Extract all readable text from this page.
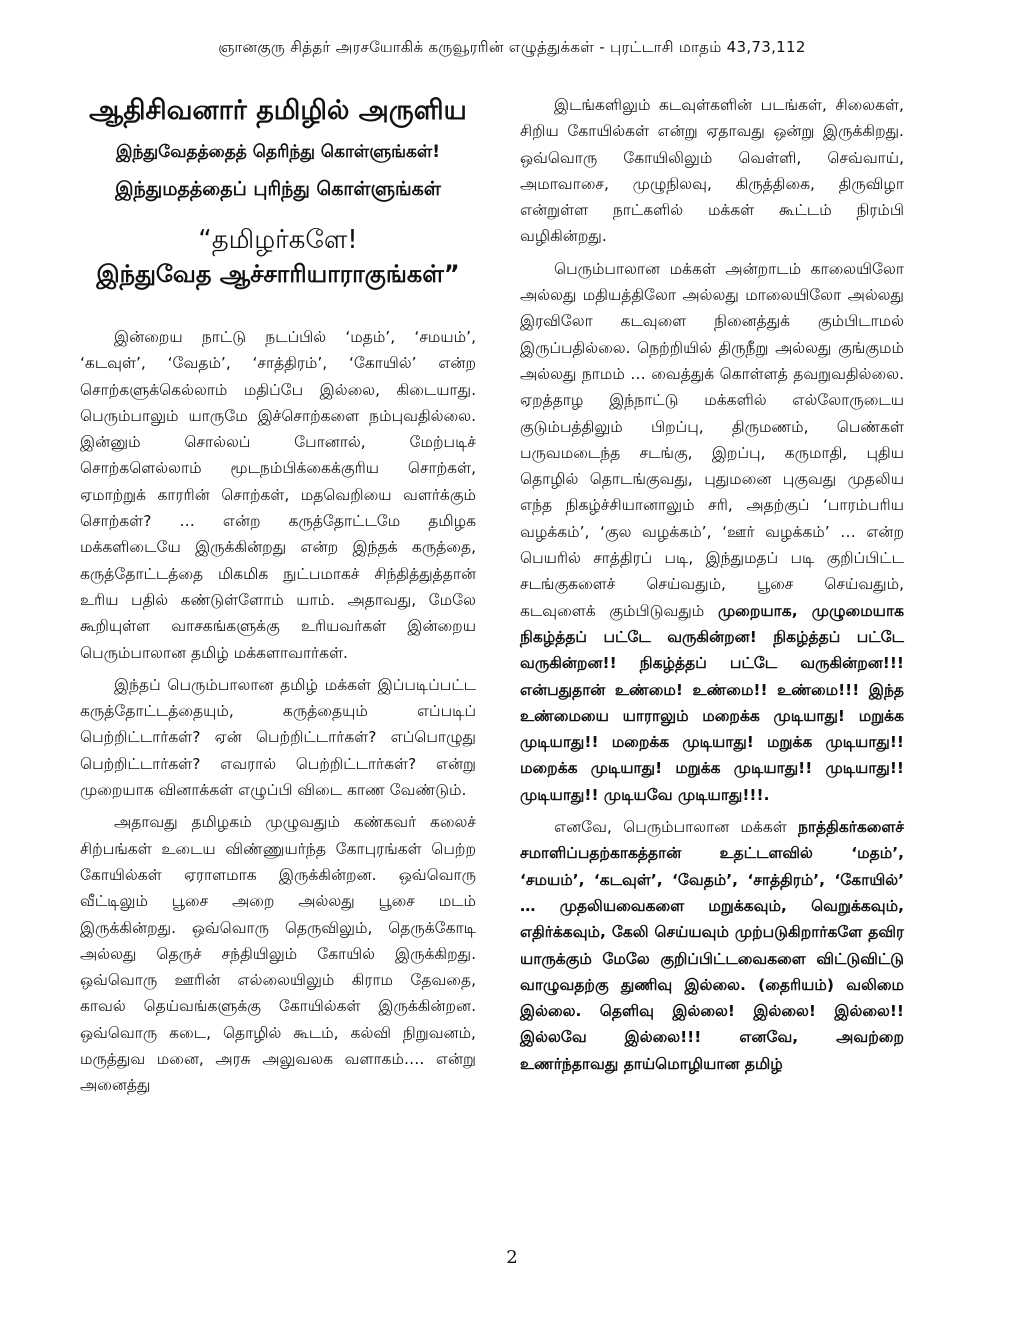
ஞானகுரு சித்தர் அரசயோகிக் கருவூரரின் எழுத்துக்கள் - புரட்டாசி மாதம் 43,73,112
ஆதிசிவனார் தமிழில் அருளிய
இந்துவேதத்தைத் தெரிந்து கொள்ளுங்கள்!
இந்துமதத்தைப் புரிந்து கொள்ளுங்கள்
“தமிழர்களே!
இந்துவேத ஆச்சாரியாராகுங்கள்”

இன்றைய நாட்டு நடப்பில் ‘மதம்’, ‘சமயம்’, ‘கடவுள்’, ‘வேதம்’, ‘சாத்திரம்’, ‘கோயில்’ என்ற சொற்களுக்கெல்லாம் மதிப்பே இல்லை, கிடையாது. பெரும்பாலும் யாருமே இச்சொற்களை நம்புவதில்லை. இன்னும் சொல்லப் போனால், மேற்படிச் சொற்களெல்லாம் மூடநம்பிக்கைக்குரிய சொற்கள், ஏமாற்றுக் காரரின் சொற்கள், மதவெறியை வளர்க்கும் சொற்கள்? … என்ற கருத்தோட்டமே தமிழக மக்களிடையே இருக்கின்றது என்ற இந்தக் கருத்தை, கருத்தோட்டத்தை மிகமிக நுட்பமாகச் சிந்தித்துத்தான் உரிய பதில் கண்டுள்ளோம் யாம். அதாவது, மேலே கூறியுள்ள வாசகங்களுக்கு உரியவர்கள் இன்றைய பெரும்பாலான தமிழ் மக்களாவார்கள்.

இந்தப் பெரும்பாலான தமிழ் மக்கள் இப்படிப்பட்ட கருத்தோட்டத்தையும், கருத்தையும் எப்படிப் பெற்றிட்டார்கள்? ஏன் பெற்றிட்டார்கள்? எப்பொழுது பெற்றிட்டார்கள்? எவரால் பெற்றிட்டார்கள்? என்று முறையாக வினாக்கள் எழுப்பி விடை காண வேண்டும்.

அதாவது தமிழகம் முழுவதும் கண்கவர் கலைச் சிற்பங்கள் உடைய விண்ணுயர்ந்த கோபுரங்கள் பெற்ற கோயில்கள் ஏராளமாக இருக்கின்றன. ஒவ்வொரு வீட்டிலும் பூசை அறை அல்லது பூசை மடம் இருக்கின்றது. ஒவ்வொரு தெருவிலும், தெருக்கோடி அல்லது தெருச் சந்தியிலும் கோயில் இருக்கிறது. ஒவ்வொரு ஊரின் எல்லையிலும் கிராம தேவதை, காவல் தெய்வங்களுக்கு கோயில்கள் இருக்கின்றன. ஒவ்வொரு கடை, தொழில் கூடம், கல்வி நிறுவனம், மருத்துவ மனை, அரசு அலுவலக வளாகம்…. என்று அனைத்து

இடங்களிலும் கடவுள்களின் படங்கள், சிலைகள், சிறிய கோயில்கள் என்று ஏதாவது ஒன்று இருக்கிறது. ஒவ்வொரு கோயிலிலும் வெள்ளி, செவ்வாய், அமாவாசை, முழுநிலவு, கிருத்திகை, திருவிழா என்றுள்ள நாட்களில் மக்கள் கூட்டம் நிரம்பி வழிகின்றது.

பெரும்பாலான மக்கள் அன்றாடம் காலையிலோ அல்லது மதியத்திலோ அல்லது மாலையிலோ அல்லது இரவிலோ கடவுளை நினைத்துக் கும்பிடாமல் இருப்பதில்லை. நெற்றியில் திருநீறு அல்லது குங்குமம் அல்லது நாமம் … வைத்துக் கொள்ளத் தவறுவதில்லை. ஏறத்தாழ இந்நாட்டு மக்களில் எல்லோருடைய குடும்பத்திலும் பிறப்பு, திருமணம், பெண்கள் பருவமடைந்த சடங்கு, இறப்பு, கருமாதி, புதிய தொழில் தொடங்குவது, புதுமனை புகுவது முதலிய எந்த நிகழ்ச்சியானாலும் சரி, அதற்குப் ‘பாரம்பரிய வழக்கம்’, ‘குல வழக்கம்’, ‘ஊர் வழக்கம்’ … என்ற பெயரில் சாத்திரப் படி, இந்துமதப் படி குறிப்பிட்ட சடங்குகளைச் செய்வதும், பூசை செய்வதும், கடவுளைக் கும்பிடுவதும் முறையாக, முழுமையாக நிகழ்த்தப் பட்டே வருகின்றன! நிகழ்த்தப் பட்டே வருகின்றன!! நிகழ்த்தப் பட்டே வருகின்றன!!! என்பதுதான் உண்மை! உண்மை!! உண்மை!!! இந்த உண்மையை யாராலும் மறைக்க முடியாது! மறுக்க முடியாது!! மறைக்க முடியாது! மறுக்க முடியாது!! மறைக்க முடியாது! மறுக்க முடியாது!! முடியாது!! முடியாது!! முடியவே முடியாது!!!.

எனவே, பெரும்பாலான மக்கள் நாத்திகர்களைச் சமாளிப்பதற்காகத்தான் உதட்டளவில் ‘மதம்’, ‘சமயம்’, ‘கடவுள்’, ‘வேதம்’, ‘சாத்திரம்’, ‘கோயில்’ … முதலியவைகளை மறுக்கவும், வெறுக்கவும், எதிர்க்கவும், கேலி செய்யவும் முற்படுகிறார்களே தவிர யாருக்கும் மேலே குறிப்பிட்டவைகளை விட்டுவிட்டு வாழுவதற்கு துணிவு இல்லை. (தைரியம்) வலிமை இல்லை. தெளிவு இல்லை! இல்லை! இல்லை!! இல்லவே இல்லை!!! எனவே, அவற்றை உணர்ந்தாவது தாய்மொழியான தமிழ்

2
